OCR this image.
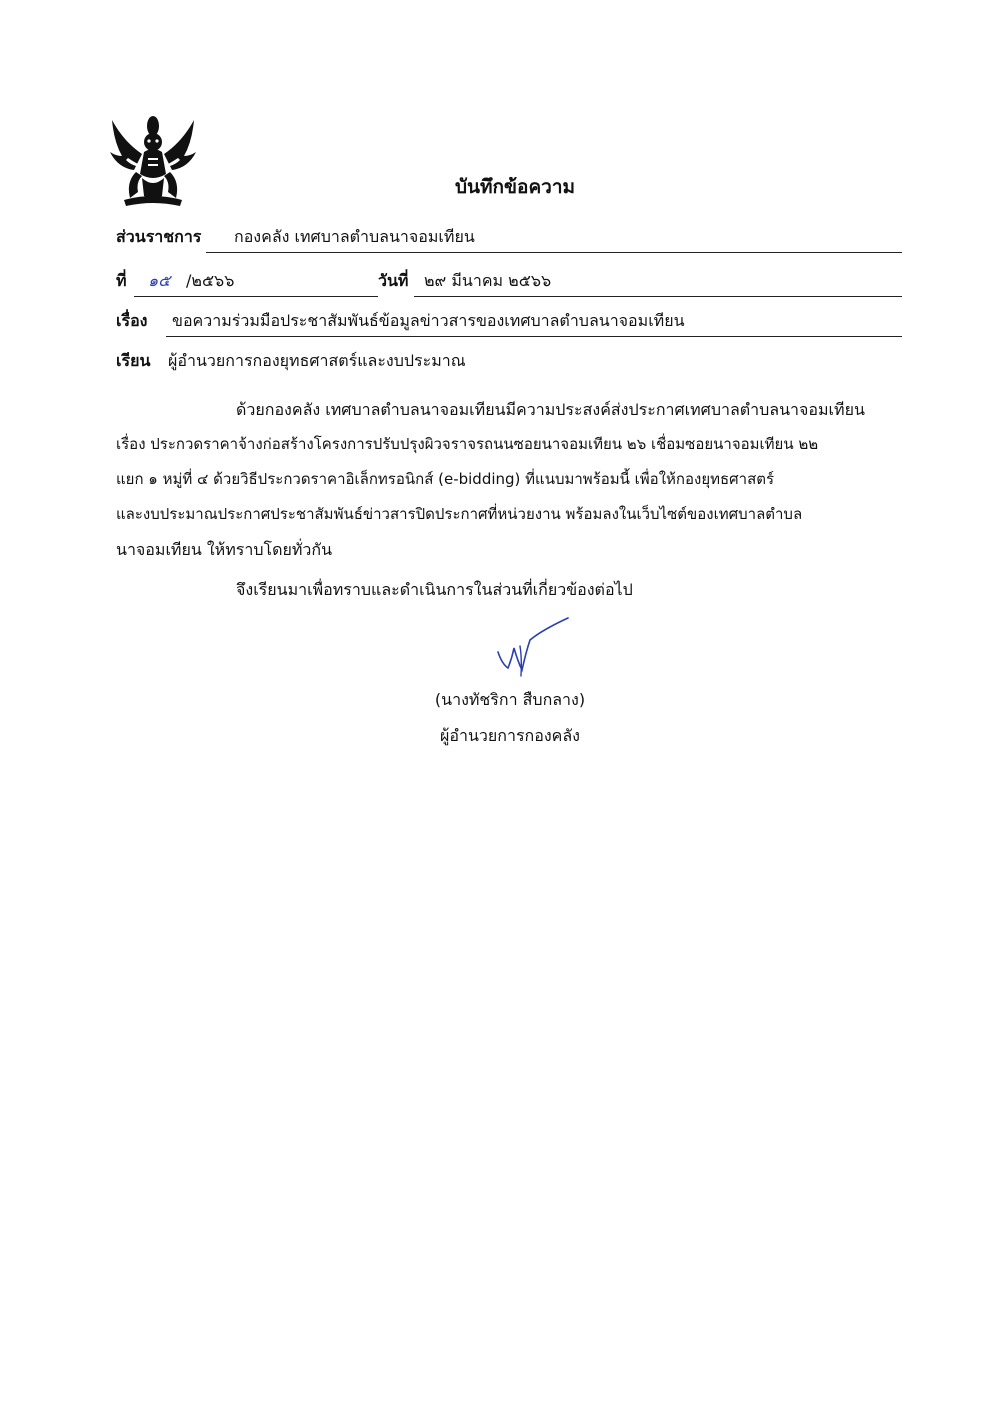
บันทึกข้อความ
ส่วนราชการ กองคลัง เทศบาลตำบลนาจอมเทียน
ที่ ๑๕ /๒๕๖๖	วันที่ ๒๙ มีนาคม ๒๕๖๖
เรื่อง ขอความร่วมมือประชาสัมพันธ์ข้อมูลข่าวสารของเทศบาลตำบลนาจอมเทียน
เรียน ผู้อำนวยการกองยุทธศาสตร์และงบประมาณ
ด้วยกองคลัง เทศบาลตำบลนาจอมเทียนมีความประสงค์ส่งประกาศเทศบาลตำบลนาจอมเทียน
เรื่อง ประกวดราคาจ้างก่อสร้างโครงการปรับปรุงผิวจราจรถนนซอยนาจอมเทียน ๒๖ เชื่อมซอยนาจอมเทียน ๒๒
แยก ๑ หมู่ที่ ๔ ด้วยวิธีประกวดราคาอิเล็กทรอนิกส์ (e-bidding) ที่แนบมาพร้อมนี้ เพื่อให้กองยุทธศาสตร์
และงบประมาณประกาศประชาสัมพันธ์ข่าวสารปิดประกาศที่หน่วยงาน พร้อมลงในเว็บไซต์ของเทศบาลตำบล
นาจอมเทียน ให้ทราบโดยทั่วกัน
จึงเรียนมาเพื่อทราบและดำเนินการในส่วนที่เกี่ยวข้องต่อไป
(นางทัชริกา สืบกลาง)
ผู้อำนวยการกองคลัง
